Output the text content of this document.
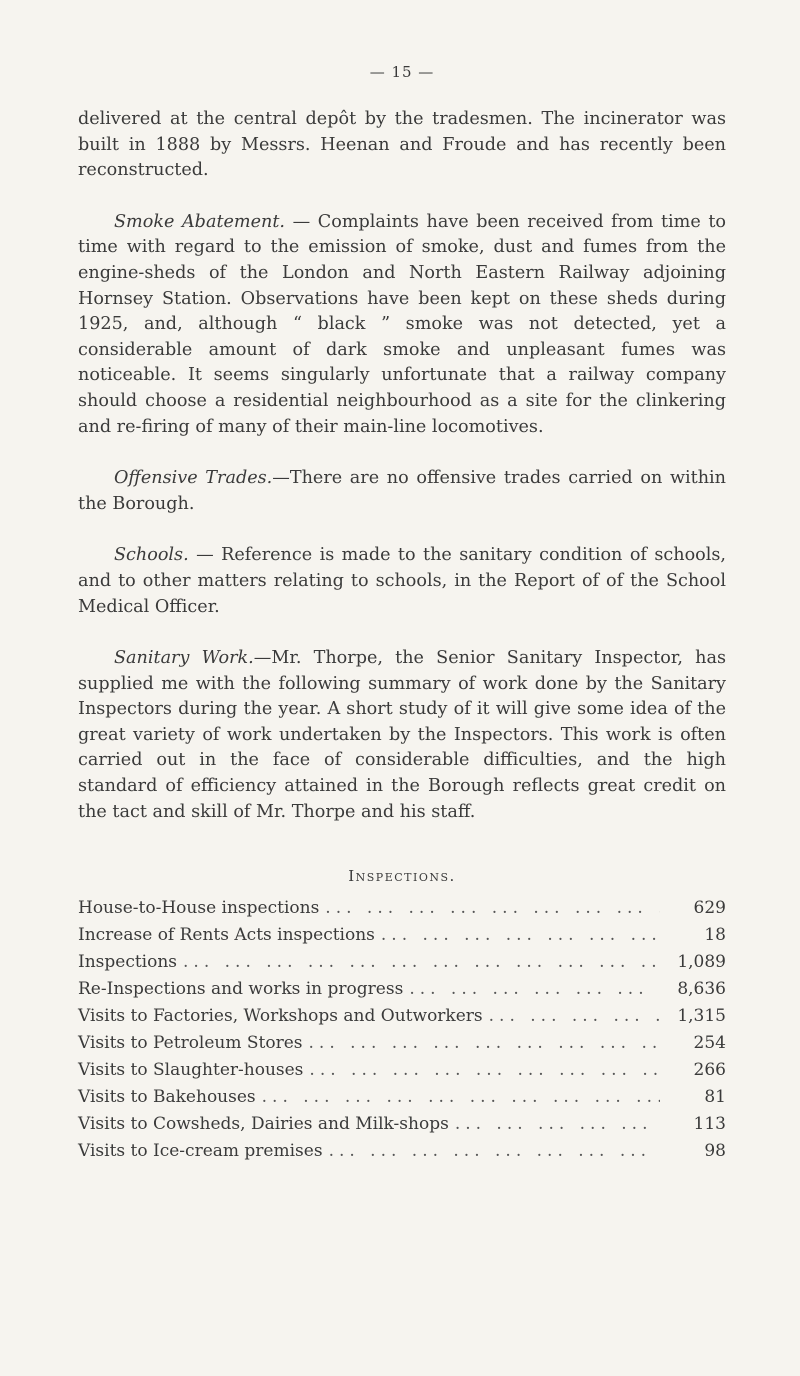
— 15 —

delivered at the central depôt by the tradesmen. The incinerator was built in 1888 by Messrs. Heenan and Froude and has recently been reconstructed.

Smoke Abatement. — Complaints have been received from time to time with regard to the emission of smoke, dust and fumes from the engine-sheds of the London and North Eastern Railway adjoining Hornsey Station. Observations have been kept on these sheds during 1925, and, although “ black ” smoke was not detected, yet a considerable amount of dark smoke and unpleasant fumes was noticeable. It seems singularly unfortunate that a railway company should choose a residential neighbourhood as a site for the clinkering and re-firing of many of their main-line locomotives.

Offensive Trades.—There are no offensive trades carried on within the Borough.

Schools. — Reference is made to the sanitary condition of schools, and to other matters relating to schools, in the Report of of the School Medical Officer.

Sanitary Work.—Mr. Thorpe, the Senior Sanitary Inspector, has supplied me with the following summary of work done by the Sanitary Inspectors during the year. A short study of it will give some idea of the great variety of work undertaken by the Inspectors. This work is often carried out in the face of considerable difficulties, and the high standard of efficiency attained in the Borough reflects great credit on the tact and skill of Mr. Thorpe and his staff.

Inspections.
House-to-House inspections ... .	629
Increase of Rents Acts inspections ... .	18
Inspections ... .	1,089
Re-Inspections and works in progress ... .	8,636
Visits to Factories, Workshops and Outworkers ... .	1,315
Visits to Petroleum Stores ... .	254
Visits to Slaughter-houses ... .	266
Visits to Bakehouses ... .	81
Visits to Cowsheds, Dairies and Milk-shops ... .	113
Visits to Ice-cream premises ... .	98
